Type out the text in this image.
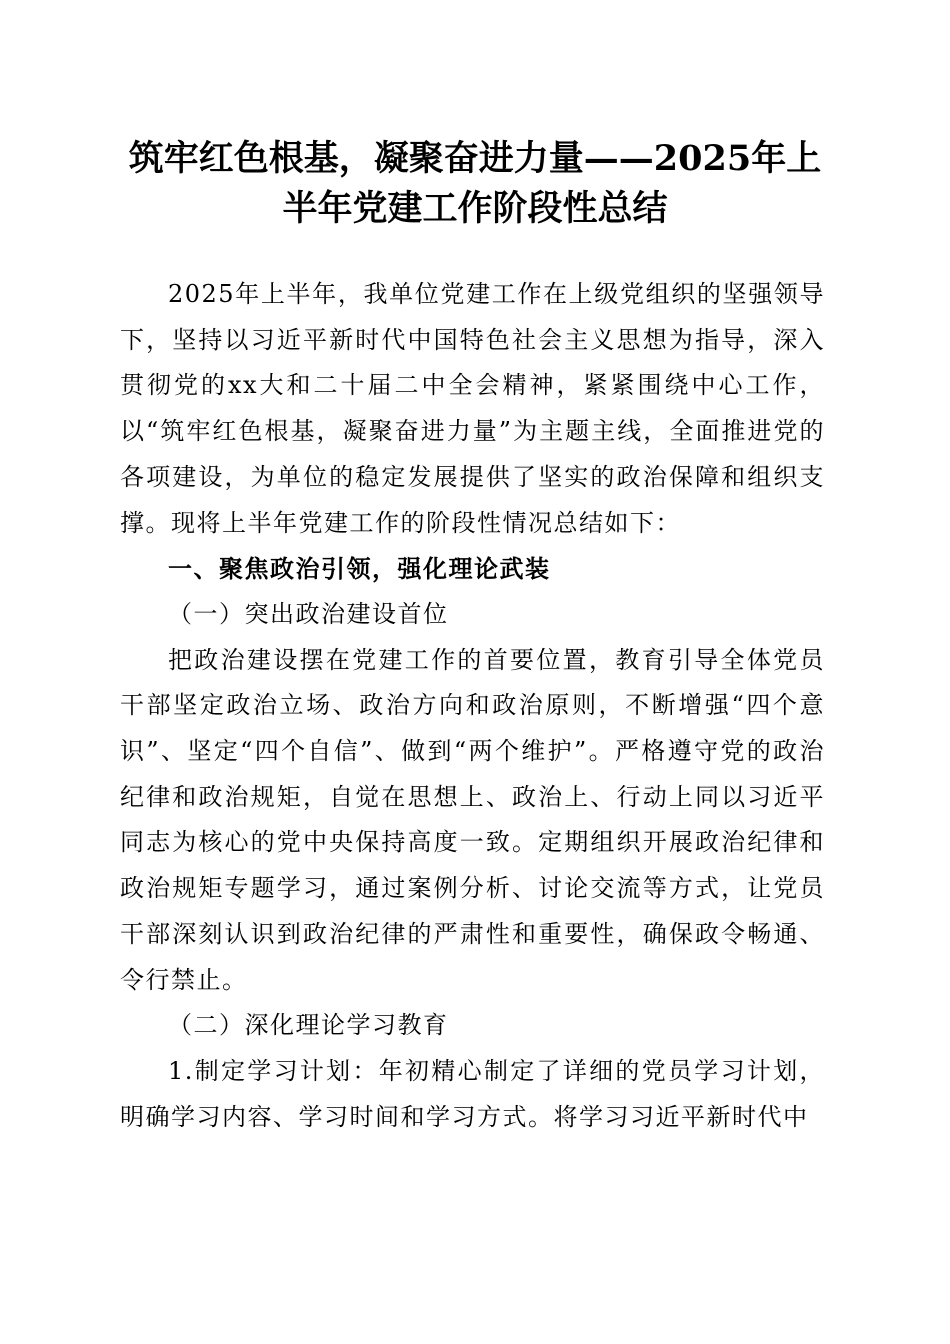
筑牢红色根基，凝聚奋进力量——2025年上
半年党建工作阶段性总结

2025年上半年，我单位党建工作在上级党组织的坚强领导下，坚持以习近平新时代中国特色社会主义思想为指导，深入贯彻党的xx大和二十届二中全会精神，紧紧围绕中心工作，以“筑牢红色根基，凝聚奋进力量”为主题主线，全面推进党的各项建设，为单位的稳定发展提供了坚实的政治保障和组织支撑。现将上半年党建工作的阶段性情况总结如下：

一、聚焦政治引领，强化理论武装

（一）突出政治建设首位

把政治建设摆在党建工作的首要位置，教育引导全体党员干部坚定政治立场、政治方向和政治原则，不断增强“四个意识”、坚定“四个自信”、做到“两个维护”。严格遵守党的政治纪律和政治规矩，自觉在思想上、政治上、行动上同以习近平同志为核心的党中央保持高度一致。定期组织开展政治纪律和政治规矩专题学习，通过案例分析、讨论交流等方式，让党员干部深刻认识到政治纪律的严肃性和重要性，确保政令畅通、令行禁止。

（二）深化理论学习教育

1.制定学习计划：年初精心制定了详细的党员学习计划，明确学习内容、学习时间和学习方式。将学习习近平新时代中
